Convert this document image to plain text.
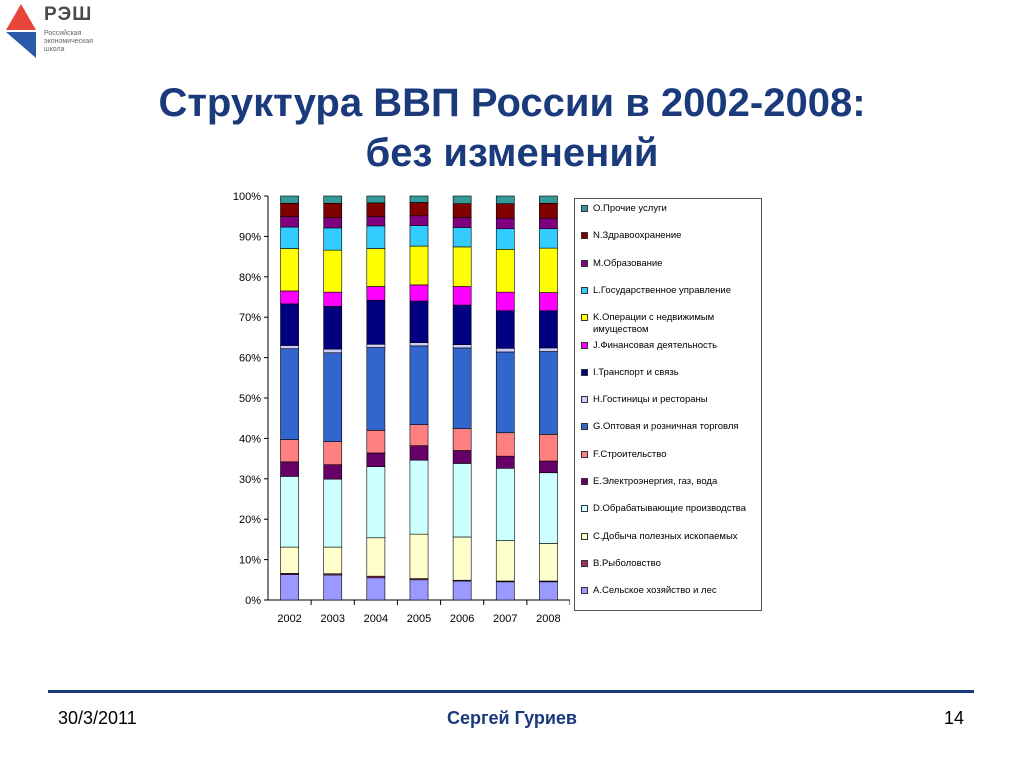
РЭШ
Российская экономическая школа
Структура ВВП России в 2002-2008:
без изменений
0%
10%
20%
30%
40%
50%
60%
70%
80%
90%
100%
2002 2003 2004 2005 2006 2007 2008
O.Прочие услуги
N.Здравоохранение
M.Образование
L.Государственное управление
K.Операции с недвижимым имуществом
J.Финансовая деятельность
I.Транспорт и связь
H.Гостиницы и рестораны
G.Оптовая и розничная торговля
F.Строительство
E.Электроэнергия, газ, вода
D.Обрабатывающие производства
C.Добыча полезных ископаемых
B.Рыболовство
A.Сельское хозяйство и лес
30/3/2011	Сергей Гуриев	14
